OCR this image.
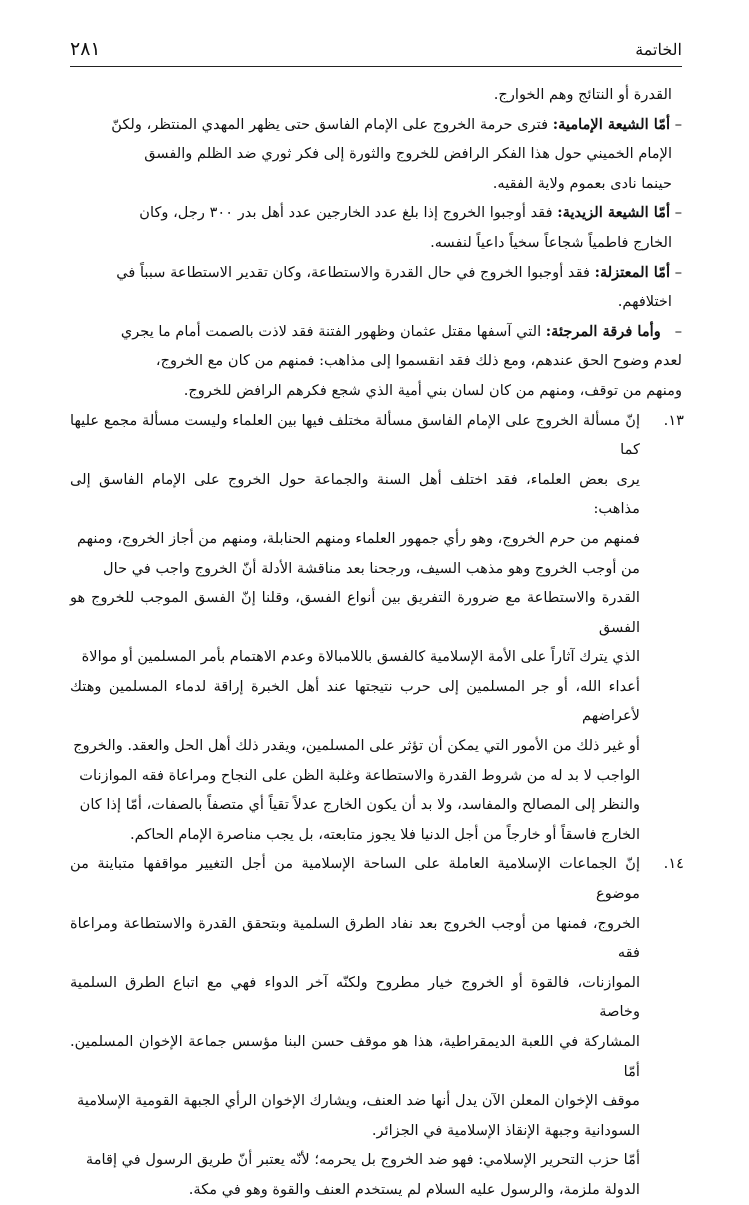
الخاتمة
٢٨١

القدرة أو النتائج وهم الخوارج.

– أمّا الشيعة الإمامية: فترى حرمة الخروج على الإمام الفاسق حتى يظهر المهدي المنتظر، ولكنّ

الإمام الخميني حول هذا الفكر الرافض للخروج والثورة إلى فكر ثوري ضد الظلم والفسق

حينما نادى بعموم ولاية الفقيه.

– أمّا الشيعة الزيدية: فقد أوجبوا الخروج إذا بلغ عدد الخارجين عدد أهل بدر ٣٠٠ رجل، وكان

الخارج فاطمياً شجاعاً سخياً داعياً لنفسه.

– أمّا المعتزلة: فقد أوجبوا الخروج في حال القدرة والاستطاعة، وكان تقدير الاستطاعة سبباً في

اختلافهم.

–   وأما فرقة المرجئة: التي آسفها مقتل عثمان وظهور الفتنة فقد لاذت بالصمت أمام ما يجري

لعدم وضوح الحق عندهم، ومع ذلك فقد انقسموا إلى مذاهب: فمنهم من كان مع الخروج،

ومنهم من توقف، ومنهم من كان لسان بني أمية الذي شجع فكرهم الرافض للخروج.

١٣.
إنّ مسألة الخروج على الإمام الفاسق مسألة مختلف فيها بين العلماء وليست مسألة مجمع عليها كما

يرى بعض العلماء، فقد اختلف أهل السنة والجماعة حول الخروج على الإمام الفاسق إلى مذاهب:

فمنهم من حرم الخروج، وهو رأي جمهور العلماء ومنهم الحنابلة، ومنهم من أجاز الخروج، ومنهم

من أوجب الخروج وهو مذهب السيف، ورجحنا بعد مناقشة الأدلة أنّ الخروج واجب في حال

القدرة والاستطاعة مع ضرورة التفريق بين أنواع الفسق، وقلنا إنّ الفسق الموجب للخروج هو الفسق

الذي يترك آثاراً على الأمة الإسلامية كالفسق باللامبالاة وعدم الاهتمام بأمر المسلمين أو موالاة

أعداء الله، أو جر المسلمين إلى حرب نتيجتها عند أهل الخبرة إراقة لدماء المسلمين وهتك لأعراضهم

أو غير ذلك من الأمور التي يمكن أن تؤثر على المسلمين، ويقدر ذلك أهل الحل والعقد. والخروج

الواجب لا بد له من شروط القدرة والاستطاعة وغلبة الظن على النجاح ومراعاة فقه الموازنات

والنظر إلى المصالح والمفاسد، ولا بد أن يكون الخارج عدلاً تقياً أي متصفاً بالصفات، أمّا إذا كان

الخارج فاسقاً أو خارجاً من أجل الدنيا فلا يجوز متابعته، بل يجب مناصرة الإمام الحاكم.

١٤.
إنّ الجماعات الإسلامية العاملة على الساحة الإسلامية من أجل التغيير مواقفها متباينة من موضوع

الخروج، فمنها من أوجب الخروج بعد نفاد الطرق السلمية وبتحقق القدرة والاستطاعة ومراعاة فقه

الموازنات، فالقوة أو الخروج خيار مطروح ولكنّه آخر الدواء فهي مع اتباع الطرق السلمية وخاصة

المشاركة في اللعبة الديمقراطية، هذا هو موقف حسن البنا مؤسس جماعة الإخوان المسلمين. أمّا

موقف الإخوان المعلن الآن يدل أنها ضد العنف، ويشارك الإخوان الرأي الجبهة القومية الإسلامية

السودانية وجبهة الإنقاذ الإسلامية في الجزائر.

أمّا حزب التحرير الإسلامي: فهو ضد الخروج بل يحرمه؛ لأنّه يعتبر أنّ طريق الرسول في إقامة

الدولة ملزمة، والرسول عليه السلام لم يستخدم العنف والقوة وهو في مكة.
